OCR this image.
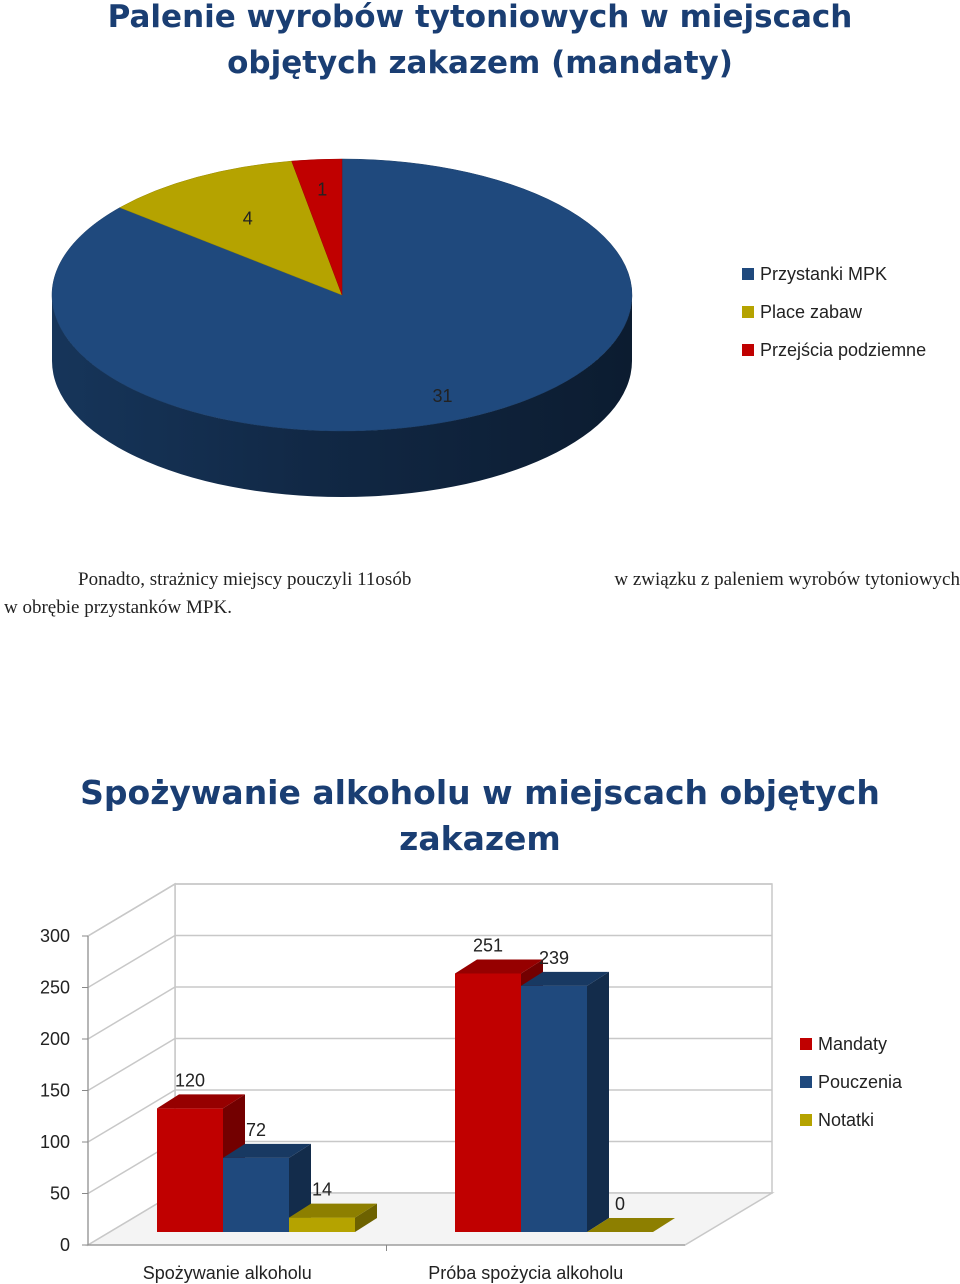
Palenie wyrobów tytoniowych w miejscach
objętych zakazem (mandaty)
Ponadto, strażnicy miejscy pouczyli 11osób	w związku z paleniem wyrobów tytoniowych
w obrębie przystanków MPK.
Spożywanie alkoholu w miejscach objętych
zakazem
31
4
1
0
50
100
150
200
250
300
Spożywanie alkoholu	Próba spożycia alkoholu
120
72
14
251
239
0
Przystanki MPK
Place zabaw
Przejścia podziemne
Mandaty
Pouczenia
Notatki
